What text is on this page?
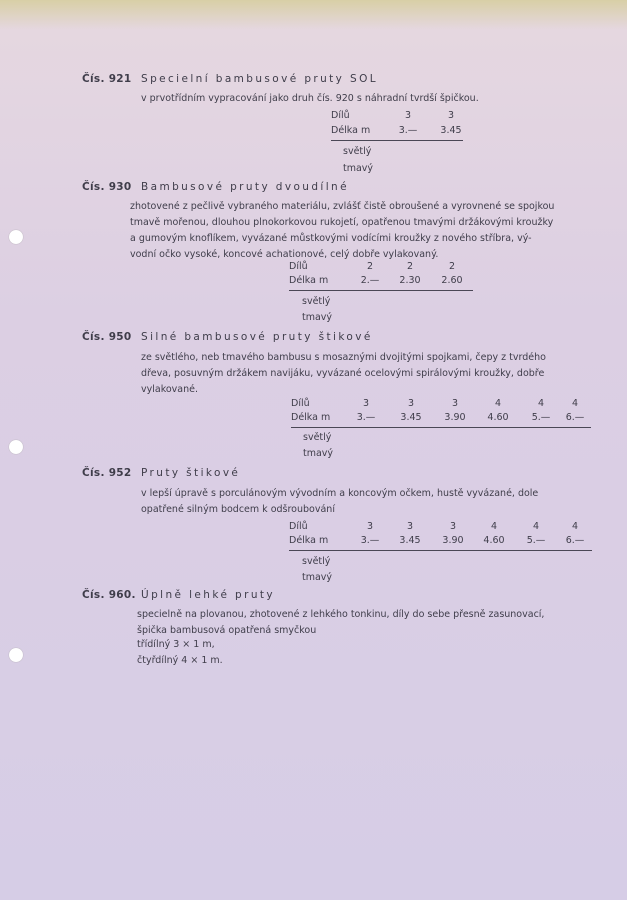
Čís. 921 Specielní bambusové pruty SOL
v prvotřídním vypracování jako druh čís. 920 s náhradní tvrdší špičkou.
Dílů	3	3
Délka m	3.—	3.45
světlý
tmavý
Čís. 930 Bambusové pruty dvoudílné
zhotovené z pečlivě vybraného materiálu, zvlášť čistě obroušené a vyrovnené se spojkou
tmavě mořenou, dlouhou plnokorkovou rukojetí, opatřenou tmavými držákovými kroužky
a gumovým knoflíkem, vyvázané můstkovými vodícími kroužky z nového stříbra, vý-
vodní očko vysoké, koncové achationové, celý dobře vylakovaný.
Dílů	2	2	2
Délka m	2.—	2.30	2.60
světlý
tmavý
Čís. 950 Silné bambusové pruty štikové
ze světlého, neb tmavého bambusu s mosaznými dvojitými spojkami, čepy z tvrdého
dřeva, posuvným držákem navijáku, vyvázané ocelovými spirálovými kroužky, dobře
vylakované.
Dílů	3	3	3	4	4	4
Délka m	3.—	3.45	3.90	4.60	5.—	6.—
světlý
tmavý
Čís. 952 Pruty štikové
v lepší úpravě s porculánovým vývodním a koncovým očkem, hustě vyvázané, dole
opatřené silným bodcem k odšroubování
Dílů	3	3	3	4	4	4
Délka m	3.—	3.45	3.90	4.60	5.—	6.—
světlý
tmavý
Čís. 960. Úplně lehké pruty
specielně na plovanou, zhotovené z lehkého tonkinu, díly do sebe přesně zasunovací,
špička bambusová opatřená smyčkou
třídílný 3 × 1 m,
čtyřdílný 4 × 1 m.
